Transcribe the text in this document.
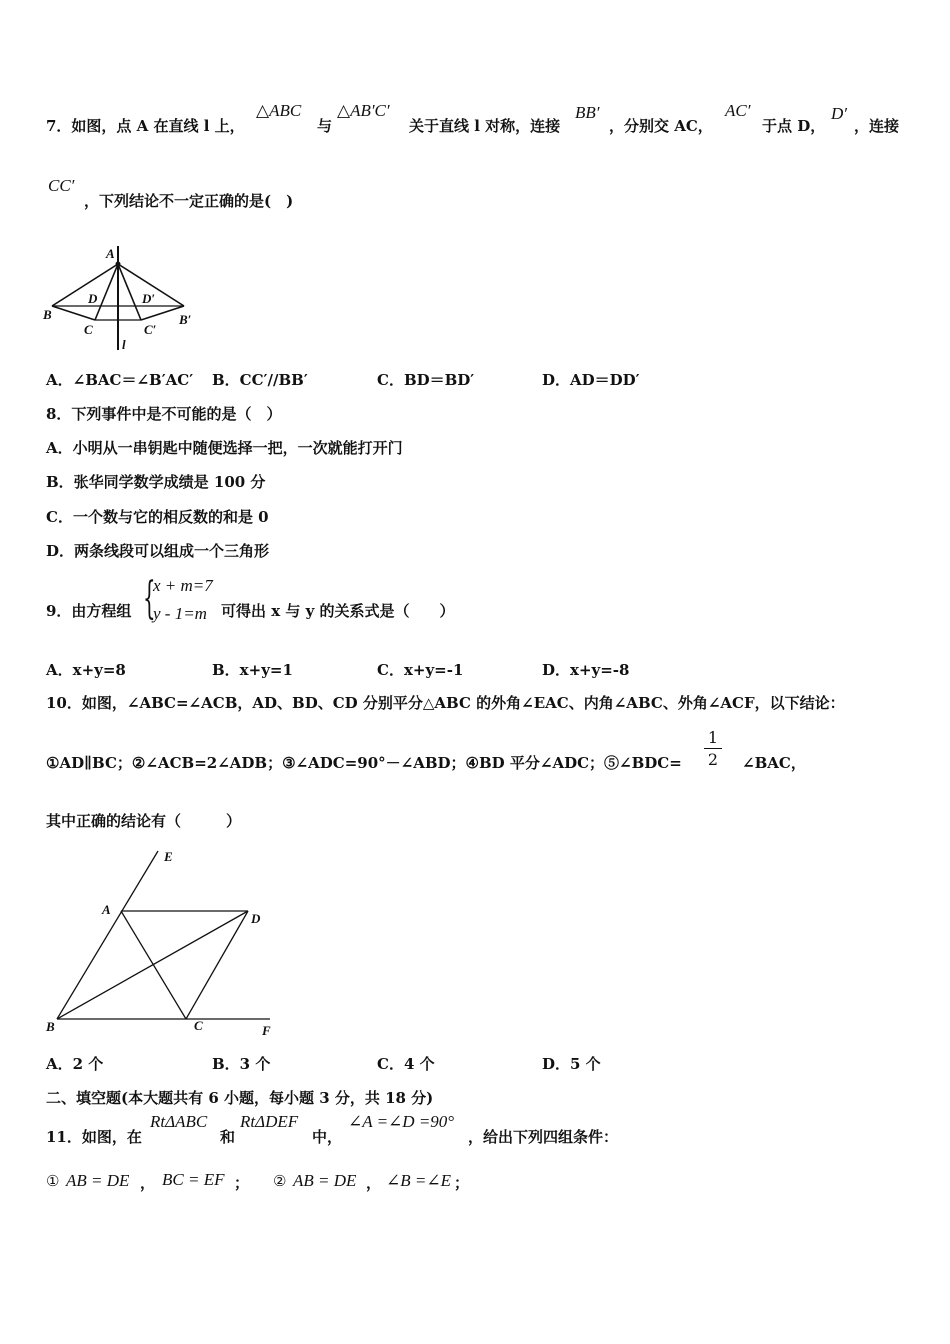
7．如图，点 A 在直线 l 上，
△ABC
与
△AB′C′
关于直线 l 对称，连接
BB′
，分别交 AC，
AC′
于点 D，
D′
，连接
CC′
，下列结论不一定正确的是(　)
A
B
C
D	D′
C′
B′
l
A．∠BAC＝∠B′AC′ B．CC′//BB′	C．BD＝BD′	D．AD＝DD′
8．下列事件中是不可能的是（　）
A．小明从一串钥匙中随便选择一把，一次就能打开门
B．张华同学数学成绩是 100 分
C．一个数与它的相反数的和是 0
D．两条线段可以组成一个三角形
9．由方程组 {
x + m=7
y - 1=m 可得出 x 与 y 的关系式是（　　）
A．x+y=8	B．x+y=1	C．x+y=-1	D．x+y=-8
10．如图，∠ABC=∠ACB，AD、BD、CD 分别平分△ABC 的外角∠EAC、内角∠ABC、外角∠ACF，以下结论：
①AD∥BC；②∠ACB=2∠ADB；③∠ADC=90°－∠ABD；④BD 平分∠ADC；⑤∠BDC=
1
2 ∠BAC，
其中正确的结论有（　　　）
A
B	C
D
E
F
A．2 个	B．3 个	C．4 个	D．5 个
二、填空题(本大题共有 6 小题，每小题 3 分，共 18 分)
11．如图，在
RtΔABC
和
RtΔDEF
中，
∠A =∠D =90°
，给出下列四组条件：
① AB = DE ， BC = EF ； ② AB = DE ， ∠B =∠E ；
